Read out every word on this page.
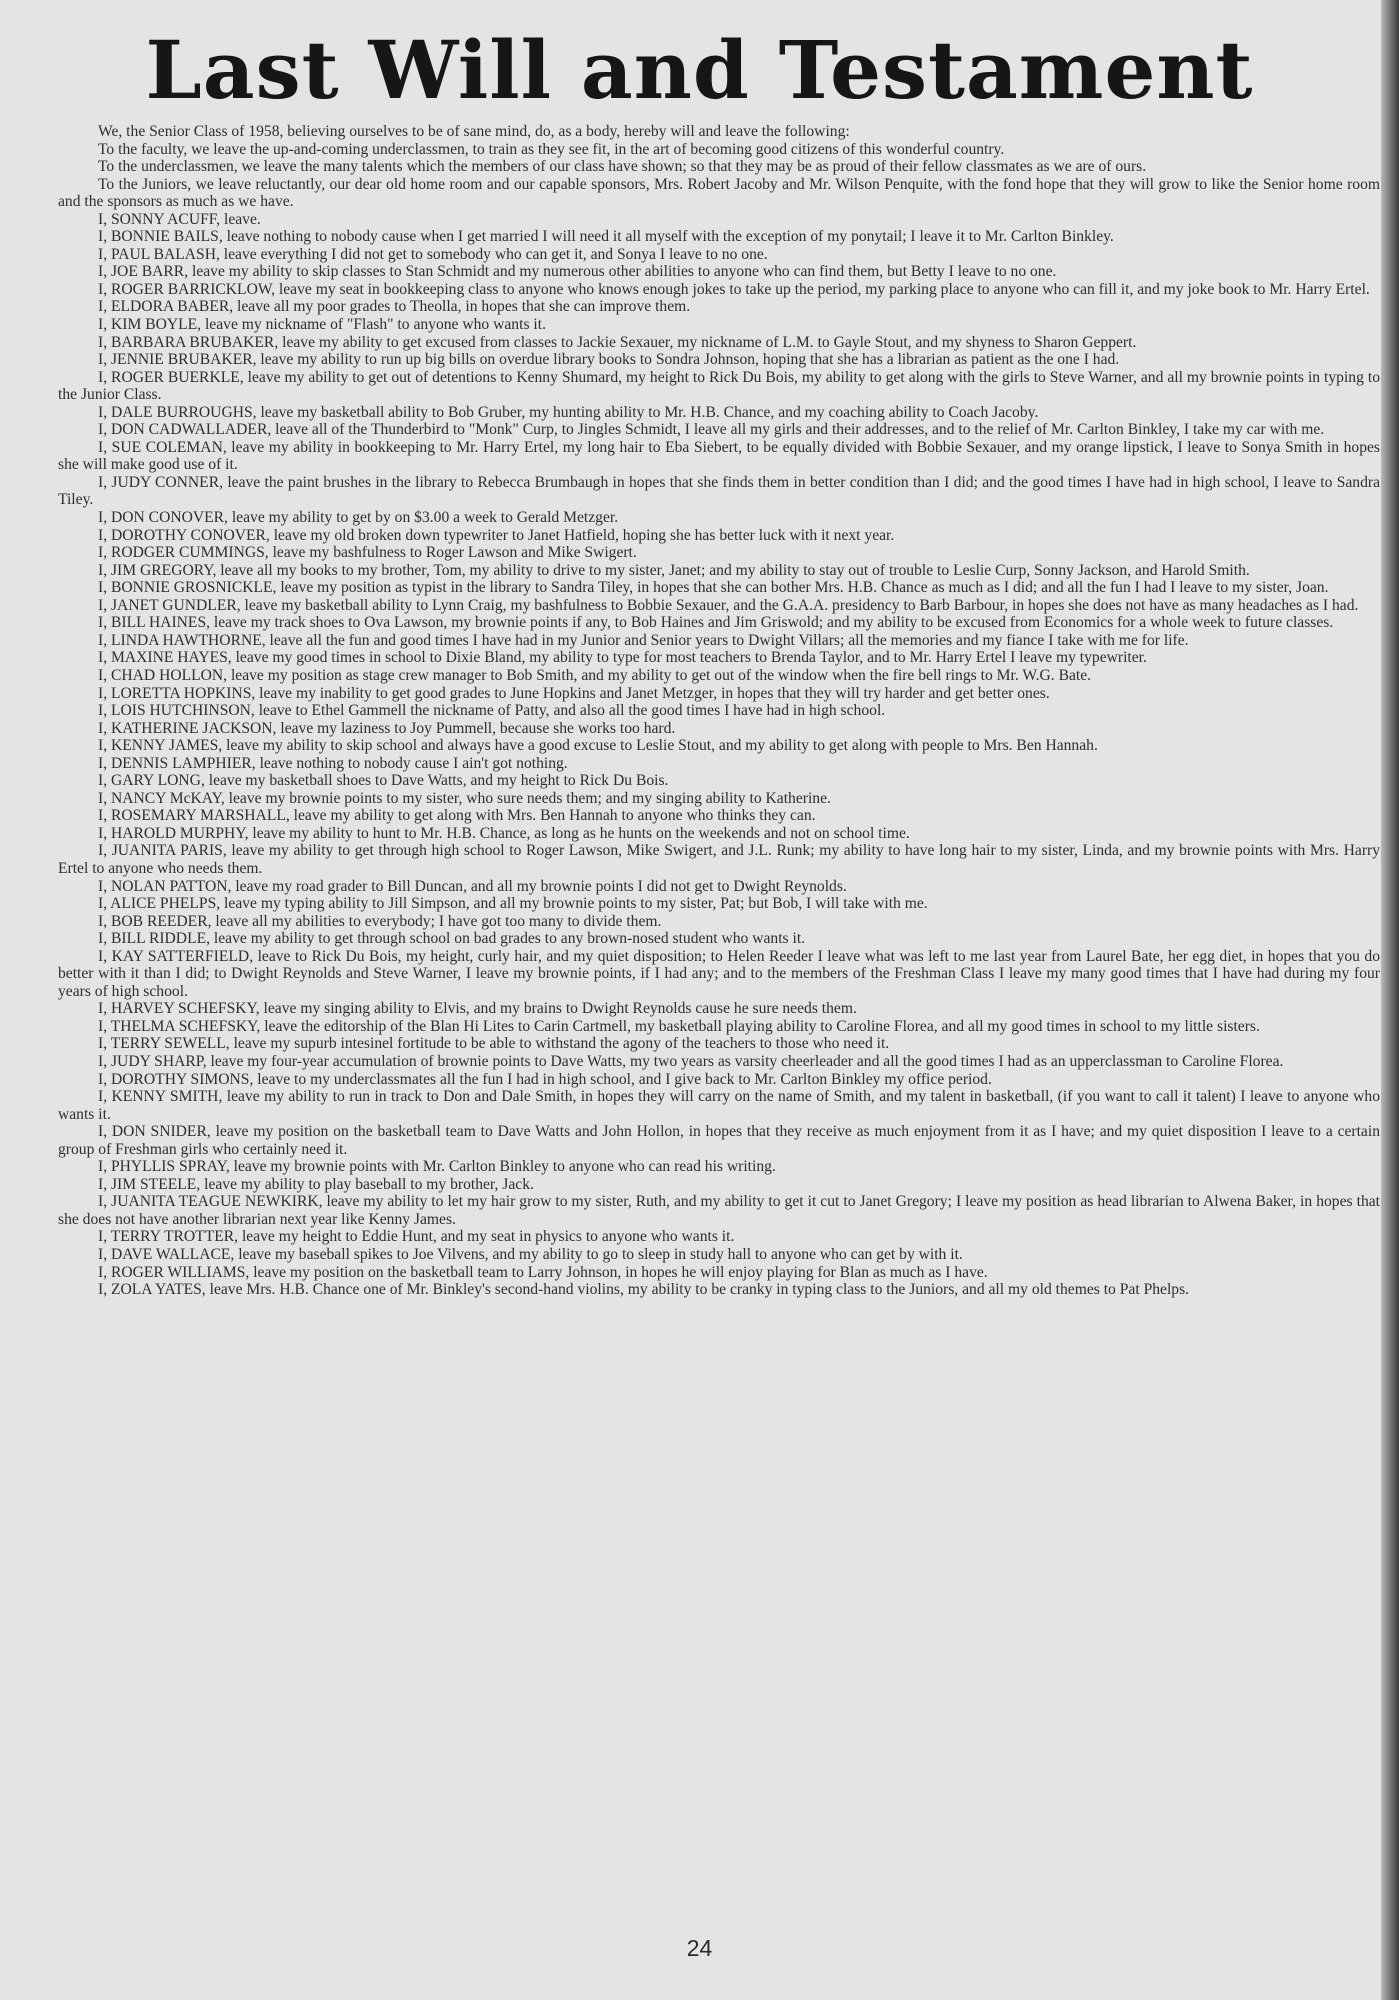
Last Will and Testament

We, the Senior Class of 1958, believing ourselves to be of sane mind, do, as a body, hereby will and leave the following:

To the faculty, we leave the up-and-coming underclassmen, to train as they see fit, in the art of becoming good citizens of this wonderful country.

To the underclassmen, we leave the many talents which the members of our class have shown; so that they may be as proud of their fellow classmates as we are of ours.

To the Juniors, we leave reluctantly, our dear old home room and our capable sponsors, Mrs. Robert Jacoby and Mr. Wilson Penquite, with the fond hope that they will grow to like the Senior home room and the sponsors as much as we have.

I, SONNY ACUFF, leave.

I, BONNIE BAILS, leave nothing to nobody cause when I get married I will need it all myself with the exception of my ponytail; I leave it to Mr. Carlton Binkley.

I, PAUL BALASH, leave everything I did not get to somebody who can get it, and Sonya I leave to no one.

I, JOE BARR, leave my ability to skip classes to Stan Schmidt and my numerous other abilities to anyone who can find them, but Betty I leave to no one.

I, ROGER BARRICKLOW, leave my seat in bookkeeping class to anyone who knows enough jokes to take up the period, my parking place to anyone who can fill it, and my joke book to Mr. Harry Ertel.

I, ELDORA BABER, leave all my poor grades to Theolla, in hopes that she can improve them.

I, KIM BOYLE, leave my nickname of "Flash" to anyone who wants it.

I, BARBARA BRUBAKER, leave my ability to get excused from classes to Jackie Sexauer, my nickname of L.M. to Gayle Stout, and my shyness to Sharon Geppert.

I, JENNIE BRUBAKER, leave my ability to run up big bills on overdue library books to Sondra Johnson, hoping that she has a librarian as patient as the one I had.

I, ROGER BUERKLE, leave my ability to get out of detentions to Kenny Shumard, my height to Rick Du Bois, my ability to get along with the girls to Steve Warner, and all my brownie points in typing to the Junior Class.

I, DALE BURROUGHS, leave my basketball ability to Bob Gruber, my hunting ability to Mr. H.B. Chance, and my coaching ability to Coach Jacoby.

I, DON CADWALLADER, leave all of the Thunderbird to "Monk" Curp, to Jingles Schmidt, I leave all my girls and their addresses, and to the relief of Mr. Carlton Binkley, I take my car with me.

I, SUE COLEMAN, leave my ability in bookkeeping to Mr. Harry Ertel, my long hair to Eba Siebert, to be equally divided with Bobbie Sexauer, and my orange lipstick, I leave to Sonya Smith in hopes she will make good use of it.

I, JUDY CONNER, leave the paint brushes in the library to Rebecca Brumbaugh in hopes that she finds them in better condition than I did; and the good times I have had in high school, I leave to Sandra Tiley.

I, DON CONOVER, leave my ability to get by on $3.00 a week to Gerald Metzger.

I, DOROTHY CONOVER, leave my old broken down typewriter to Janet Hatfield, hoping she has better luck with it next year.

I, RODGER CUMMINGS, leave my bashfulness to Roger Lawson and Mike Swigert.

I, JIM GREGORY, leave all my books to my brother, Tom, my ability to drive to my sister, Janet; and my ability to stay out of trouble to Leslie Curp, Sonny Jackson, and Harold Smith.

I, BONNIE GROSNICKLE, leave my position as typist in the library to Sandra Tiley, in hopes that she can bother Mrs. H.B. Chance as much as I did; and all the fun I had I leave to my sister, Joan.

I, JANET GUNDLER, leave my basketball ability to Lynn Craig, my bashfulness to Bobbie Sexauer, and the G.A.A. presidency to Barb Barbour, in hopes she does not have as many headaches as I had.

I, BILL HAINES, leave my track shoes to Ova Lawson, my brownie points if any, to Bob Haines and Jim Griswold; and my ability to be excused from Economics for a whole week to future classes.

I, LINDA HAWTHORNE, leave all the fun and good times I have had in my Junior and Senior years to Dwight Villars; all the memories and my fiance I take with me for life.

I, MAXINE HAYES, leave my good times in school to Dixie Bland, my ability to type for most teachers to Brenda Taylor, and to Mr. Harry Ertel I leave my typewriter.

I, CHAD HOLLON, leave my position as stage crew manager to Bob Smith, and my ability to get out of the window when the fire bell rings to Mr. W.G. Bate.

I, LORETTA HOPKINS, leave my inability to get good grades to June Hopkins and Janet Metzger, in hopes that they will try harder and get better ones.

I, LOIS HUTCHINSON, leave to Ethel Gammell the nickname of Patty, and also all the good times I have had in high school.

I, KATHERINE JACKSON, leave my laziness to Joy Pummell, because she works too hard.

I, KENNY JAMES, leave my ability to skip school and always have a good excuse to Leslie Stout, and my ability to get along with people to Mrs. Ben Hannah.

I, DENNIS LAMPHIER, leave nothing to nobody cause I ain't got nothing.

I, GARY LONG, leave my basketball shoes to Dave Watts, and my height to Rick Du Bois.

I, NANCY McKAY, leave my brownie points to my sister, who sure needs them; and my singing ability to Katherine.

I, ROSEMARY MARSHALL, leave my ability to get along with Mrs. Ben Hannah to anyone who thinks they can.

I, HAROLD MURPHY, leave my ability to hunt to Mr. H.B. Chance, as long as he hunts on the weekends and not on school time.

I, JUANITA PARIS, leave my ability to get through high school to Roger Lawson, Mike Swigert, and J.L. Runk; my ability to have long hair to my sister, Linda, and my brownie points with Mrs. Harry Ertel to anyone who needs them.

I, NOLAN PATTON, leave my road grader to Bill Duncan, and all my brownie points I did not get to Dwight Reynolds.

I, ALICE PHELPS, leave my typing ability to Jill Simpson, and all my brownie points to my sister, Pat; but Bob, I will take with me.

I, BOB REEDER, leave all my abilities to everybody; I have got too many to divide them.

I, BILL RIDDLE, leave my ability to get through school on bad grades to any brown-nosed student who wants it.

I, KAY SATTERFIELD, leave to Rick Du Bois, my height, curly hair, and my quiet disposition; to Helen Reeder I leave what was left to me last year from Laurel Bate, her egg diet, in hopes that you do better with it than I did; to Dwight Reynolds and Steve Warner, I leave my brownie points, if I had any; and to the members of the Freshman Class I leave my many good times that I have had during my four years of high school.

I, HARVEY SCHEFSKY, leave my singing ability to Elvis, and my brains to Dwight Reynolds cause he sure needs them.

I, THELMA SCHEFSKY, leave the editorship of the Blan Hi Lites to Carin Cartmell, my basketball playing ability to Caroline Florea, and all my good times in school to my little sisters.

I, TERRY SEWELL, leave my supurb intesinel fortitude to be able to withstand the agony of the teachers to those who need it.

I, JUDY SHARP, leave my four-year accumulation of brownie points to Dave Watts, my two years as varsity cheerleader and all the good times I had as an upperclassman to Caroline Florea.

I, DOROTHY SIMONS, leave to my underclassmates all the fun I had in high school, and I give back to Mr. Carlton Binkley my office period.

I, KENNY SMITH, leave my ability to run in track to Don and Dale Smith, in hopes they will carry on the name of Smith, and my talent in basketball, (if you want to call it talent) I leave to anyone who wants it.

I, DON SNIDER, leave my position on the basketball team to Dave Watts and John Hollon, in hopes that they receive as much enjoyment from it as I have; and my quiet disposition I leave to a certain group of Freshman girls who certainly need it.

I, PHYLLIS SPRAY, leave my brownie points with Mr. Carlton Binkley to anyone who can read his writing.

I, JIM STEELE, leave my ability to play baseball to my brother, Jack.

I, JUANITA TEAGUE NEWKIRK, leave my ability to let my hair grow to my sister, Ruth, and my ability to get it cut to Janet Gregory; I leave my position as head librarian to Alwena Baker, in hopes that she does not have another librarian next year like Kenny James.

I, TERRY TROTTER, leave my height to Eddie Hunt, and my seat in physics to anyone who wants it.

I, DAVE WALLACE, leave my baseball spikes to Joe Vilvens, and my ability to go to sleep in study hall to anyone who can get by with it.

I, ROGER WILLIAMS, leave my position on the basketball team to Larry Johnson, in hopes he will enjoy playing for Blan as much as I have.

I, ZOLA YATES, leave Mrs. H.B. Chance one of Mr. Binkley's second-hand violins, my ability to be cranky in typing class to the Juniors, and all my old themes to Pat Phelps.

24
